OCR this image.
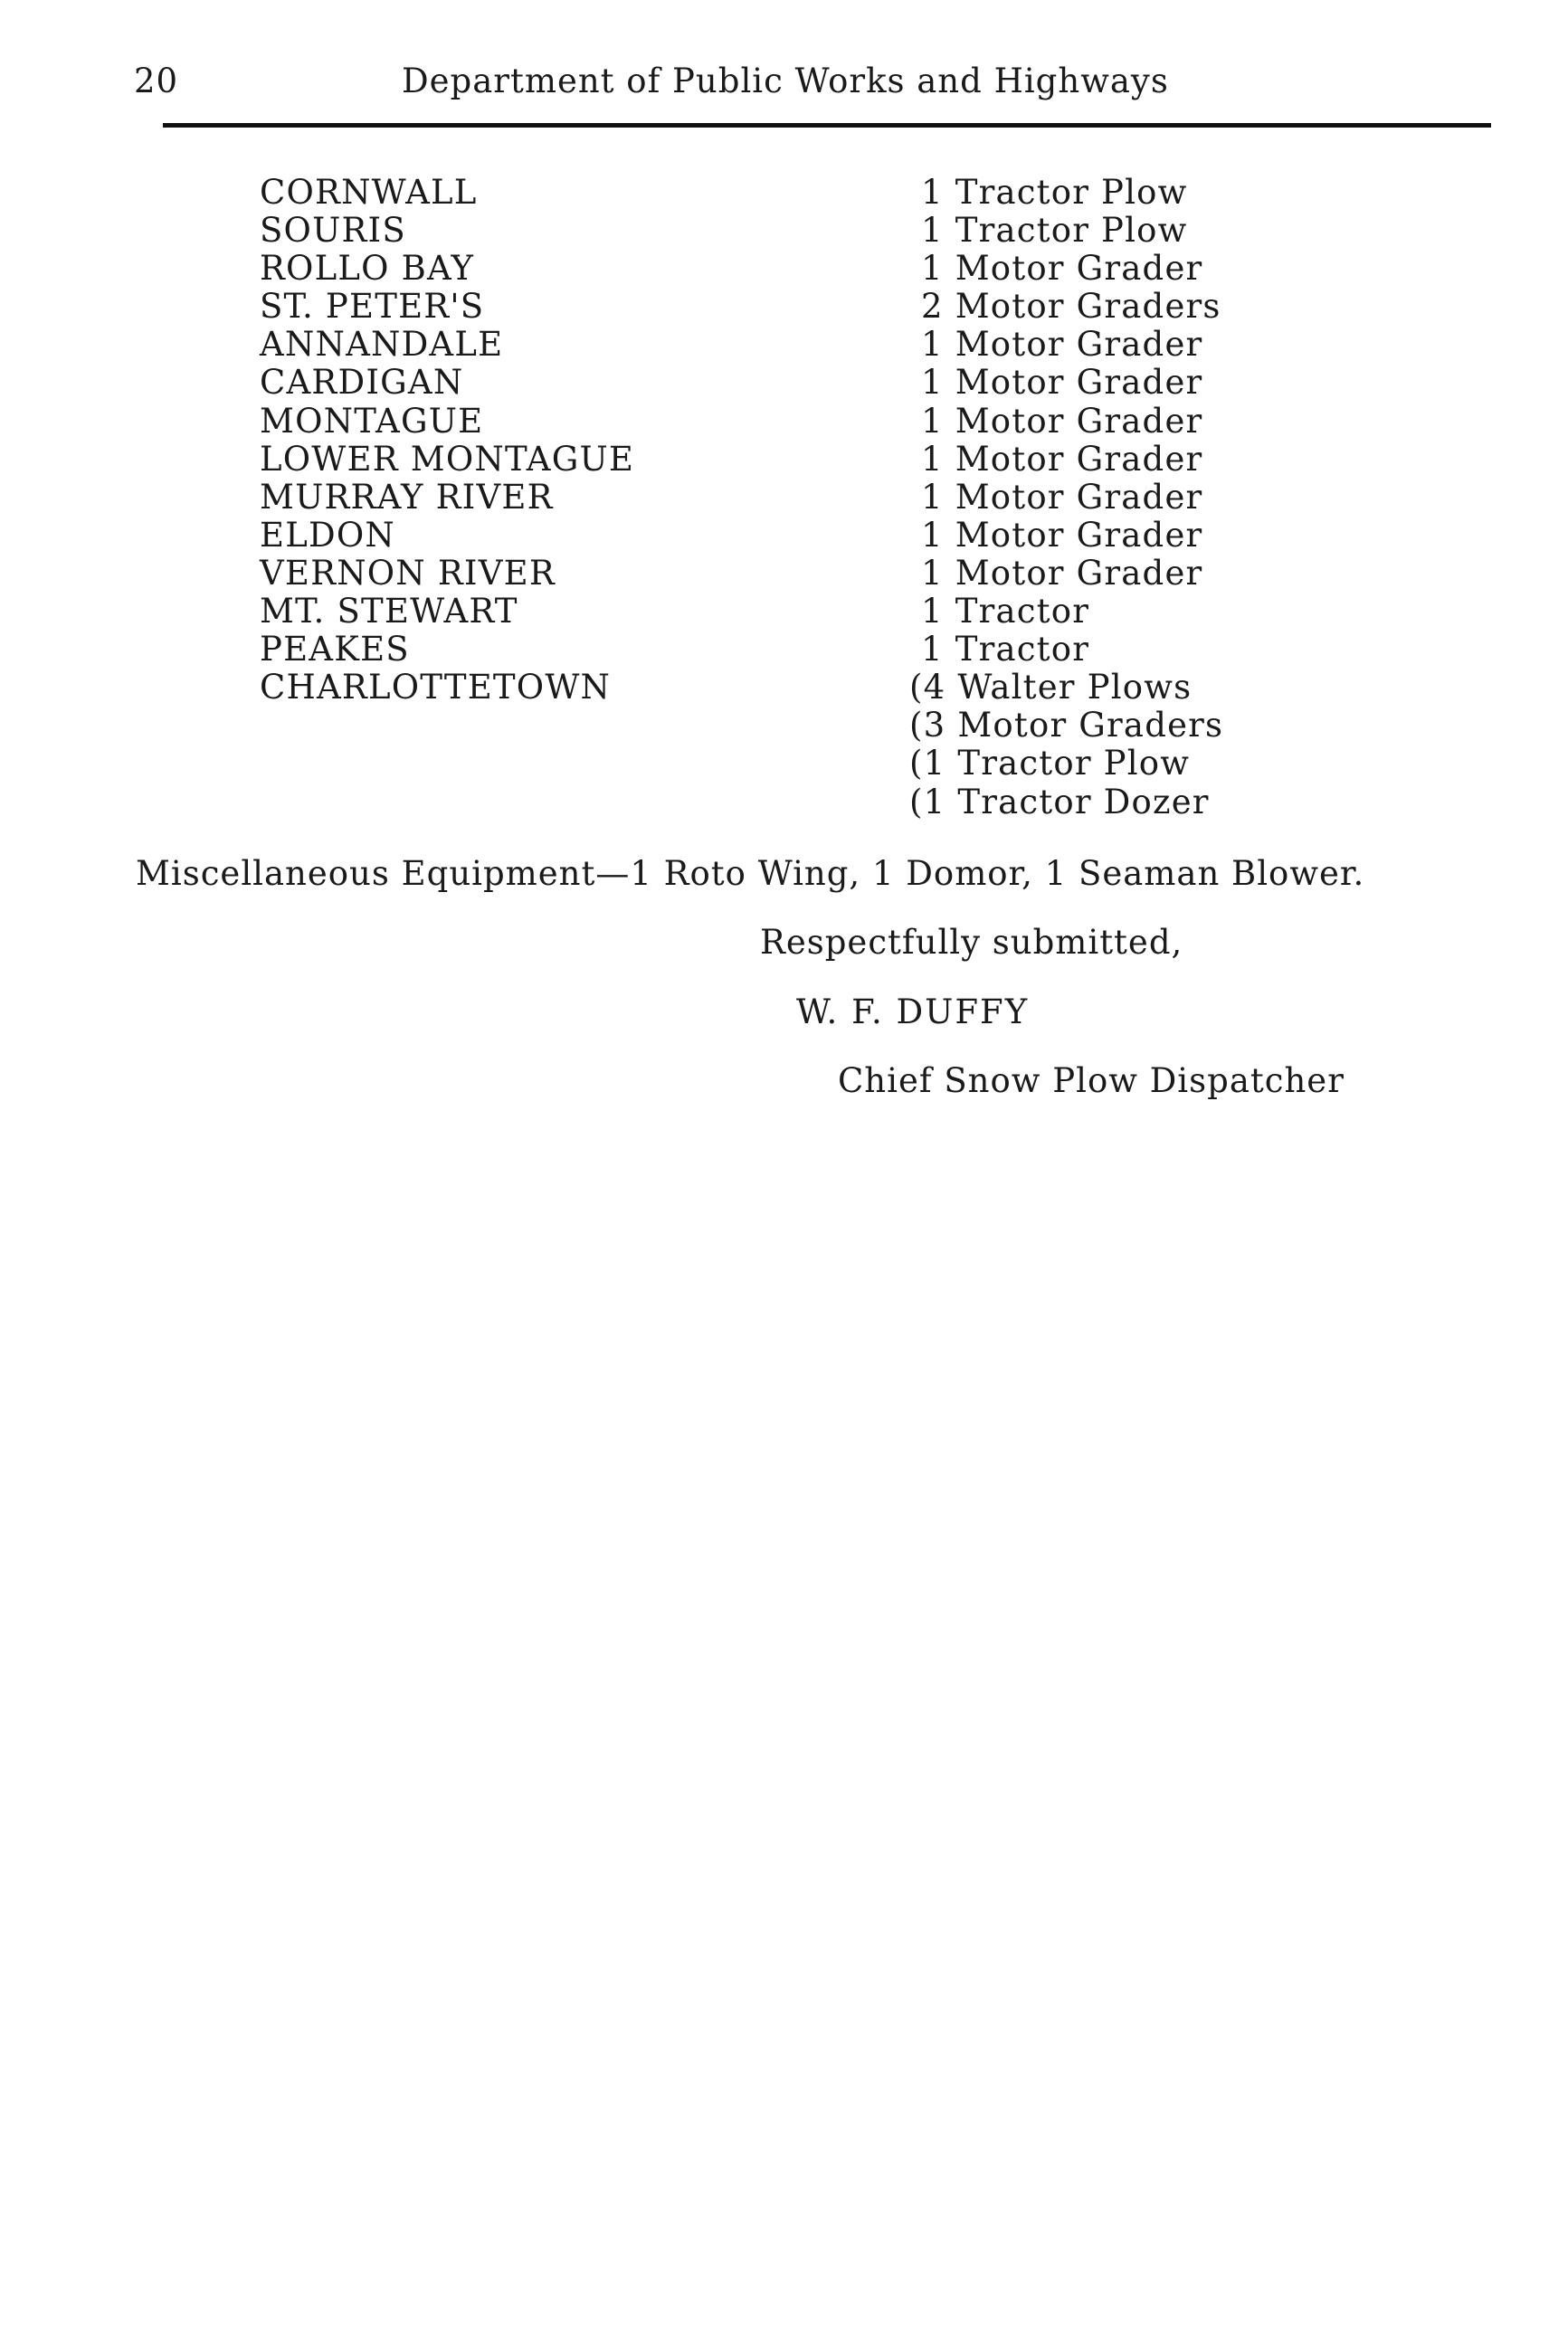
20	Department of Public Works and Highways
CORNWALL	1 Tractor Plow
SOURIS	1 Tractor Plow
ROLLO BAY	1 Motor Grader
ST. PETER'S	2 Motor Graders
ANNANDALE	1 Motor Grader
CARDIGAN	1 Motor Grader
MONTAGUE	1 Motor Grader
LOWER MONTAGUE	1 Motor Grader
MURRAY RIVER	1 Motor Grader
ELDON	1 Motor Grader
VERNON RIVER	1 Motor Grader
MT. STEWART	1 Tractor
PEAKES	1 Tractor
CHARLOTTETOWN	(4 Walter Plows
(3 Motor Graders
(1 Tractor Plow
(1 Tractor Dozer
Miscellaneous Equipment—1 Roto Wing, 1 Domor, 1 Seaman Blower.
Respectfully submitted,
W. F. DUFFY
Chief Snow Plow Dispatcher
